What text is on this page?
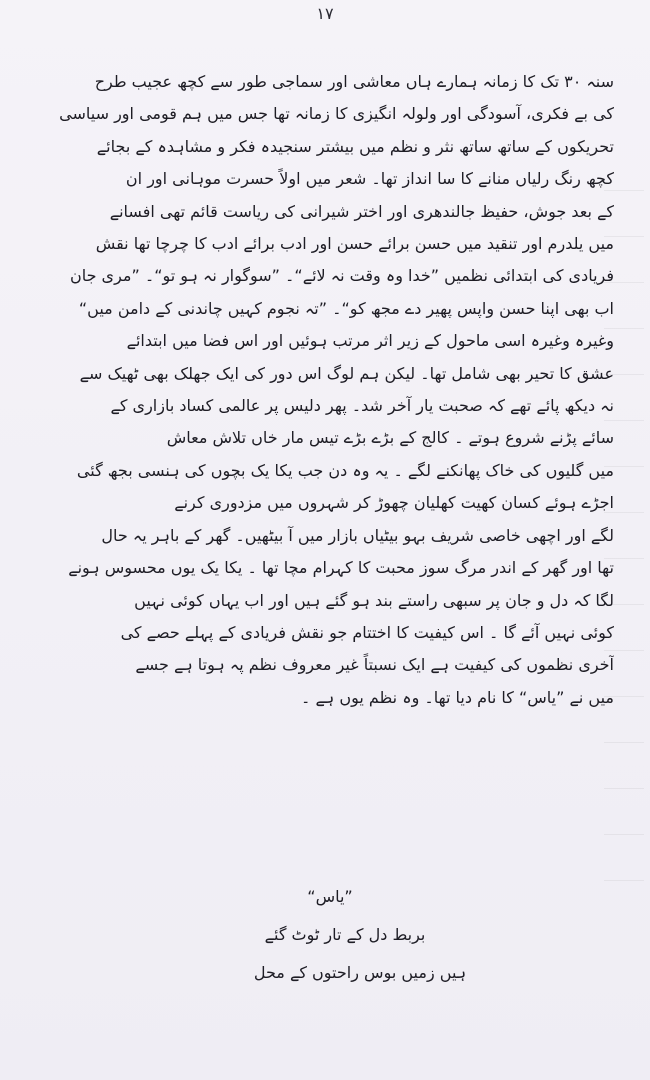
۱۷
سنہ ۳۰ تک کا زمانہ ہمارے ہاں معاشی اور سماجی طور سے کچھ عجیب طرح
کی بے فکری، آسودگی اور ولولہ انگیزی کا زمانہ تھا جس میں ہم قومی اور سیاسی
تحریکوں کے ساتھ ساتھ نثر و نظم میں بیشتر سنجیدہ فکر و مشاہدہ کے بجائے
کچھ رنگ رلیاں منانے کا سا انداز تھا۔ شعر میں اولاً حسرت موہانی اور ان
کے بعد جوش، حفیظ جالندھری اور اختر شیرانی کی ریاست قائم تھی افسانے
میں یلدرم اور تنقید میں حسن برائے حسن اور ادب برائے ادب کا چرچا تھا نقش
فریادی کی ابتدائی نظمیں ”خدا وہ وقت نہ لائے“۔ ”سوگوار نہ ہو تو“۔ ”مری جان
اب بھی اپنا حسن واپس پھیر دے مجھ کو“۔ ”تہ نجوم کہیں چاندنی کے دامن میں“
وغیرہ وغیرہ اسی ماحول کے زیر اثر مرتب ہوئیں اور اس فضا میں ابتدائے
عشق کا تحیر بھی شامل تھا۔ لیکن ہم لوگ اس دور کی ایک جھلک بھی ٹھیک سے
نہ دیکھ پائے تھے کہ صحبت یار آخر شد۔ پھر دلیس پر عالمی کساد بازاری کے
سائے پڑنے شروع ہوتے ۔ کالج کے بڑے بڑے تیس مار خاں تلاش معاش
میں گلیوں کی خاک پھانکنے لگے ۔ یہ وہ دن جب یکا یک بچوں کی ہنسی بجھ گئی
اجڑے ہوئے کسان کھیت کھلیان چھوڑ کر شہروں میں مزدوری کرنے
لگے اور اچھی خاصی شریف بہو بیٹیاں بازار میں آ بیٹھیں۔ گھر کے باہر یہ حال
تھا اور گھر کے اندر مرگ سوز محبت کا کہرام مچا تھا ۔ یکا یک یوں محسوس ہونے
لگا کہ دل و جان پر سبھی راستے بند ہو گئے ہیں اور اب یہاں کوئی نہیں
کوئی نہیں آئے گا ۔ اس کیفیت کا اختتام جو نقش فریادی کے پہلے حصے کی
آخری نظموں کی کیفیت ہے ایک نسبتاً غیر معروف نظم پہ ہوتا ہے جسے
میں نے ”یاس“ کا نام دیا تھا۔ وہ نظم یوں ہے ۔
”یاس“
بربط دل کے تار ٹوٹ گئے
ہیں زمیں بوس راحتوں کے محل
